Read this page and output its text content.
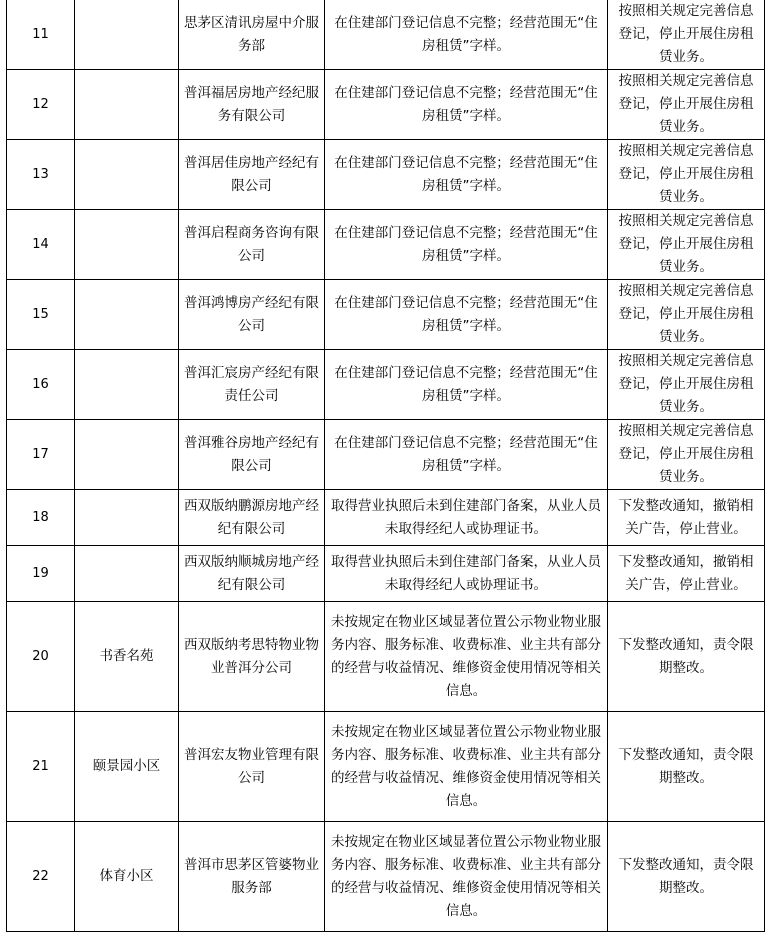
11		思茅区清讯房屋中介服务部	在住建部门登记信息不完整；经营范围无“住房租赁”字样。	按照相关规定完善信息登记，停止开展住房租赁业务。
12		普洱福居房地产经纪服务有限公司	在住建部门登记信息不完整；经营范围无“住房租赁”字样。	按照相关规定完善信息登记，停止开展住房租赁业务。
13		普洱居佳房地产经纪有限公司	在住建部门登记信息不完整；经营范围无“住房租赁”字样。	按照相关规定完善信息登记，停止开展住房租赁业务。
14		普洱启程商务咨询有限公司	在住建部门登记信息不完整；经营范围无“住房租赁”字样。	按照相关规定完善信息登记，停止开展住房租赁业务。
15		普洱鸿博房产经纪有限公司	在住建部门登记信息不完整；经营范围无“住房租赁”字样。	按照相关规定完善信息登记，停止开展住房租赁业务。
16		普洱汇宸房产经纪有限责任公司	在住建部门登记信息不完整；经营范围无“住房租赁”字样。	按照相关规定完善信息登记，停止开展住房租赁业务。
17		普洱雅谷房地产经纪有限公司	在住建部门登记信息不完整；经营范围无“住房租赁”字样。	按照相关规定完善信息登记，停止开展住房租赁业务。
18		西双版纳鹏源房地产经纪有限公司	取得营业执照后未到住建部门备案，从业人员未取得经纪人或协理证书。	下发整改通知，撤销相关广告，停止营业。
19		西双版纳顺城房地产经纪有限公司	取得营业执照后未到住建部门备案，从业人员未取得经纪人或协理证书。	下发整改通知，撤销相关广告，停止营业。
20	书香名苑	西双版纳考思特物业物业普洱分公司	未按规定在物业区域显著位置公示物业物业服务内容、服务标准、收费标准、业主共有部分的经营与收益情况、维修资金使用情况等相关信息。	下发整改通知，责令限期整改。
21	颐景园小区	普洱宏友物业管理有限公司	未按规定在物业区域显著位置公示物业物业服务内容、服务标准、收费标准、业主共有部分的经营与收益情况、维修资金使用情况等相关信息。	下发整改通知，责令限期整改。
22	体育小区	普洱市思茅区管婆物业服务部	未按规定在物业区域显著位置公示物业物业服务内容、服务标准、收费标准、业主共有部分的经营与收益情况、维修资金使用情况等相关信息。	下发整改通知，责令限期整改。
